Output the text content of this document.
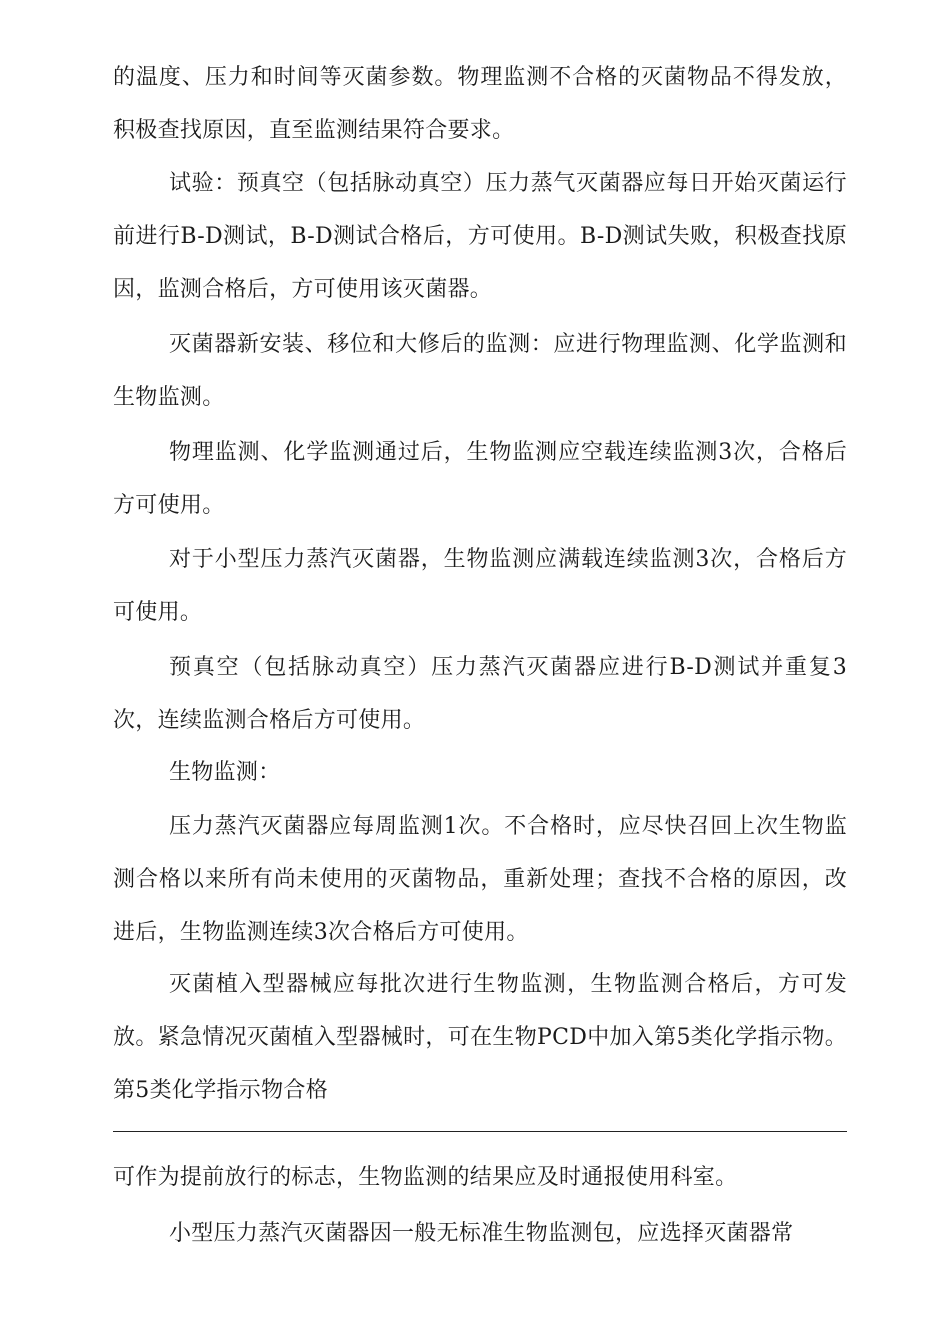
的温度、压力和时间等灭菌参数。物理监测不合格的灭菌物品不得发放，积极查找原因，直至监测结果符合要求。

试验：预真空（包括脉动真空）压力蒸气灭菌器应每日开始灭菌运行前进行B-D测试，B-D测试合格后，方可使用。B-D测试失败，积极查找原因，监测合格后，方可使用该灭菌器。

灭菌器新安装、移位和大修后的监测：应进行物理监测、化学监测和生物监测。

物理监测、化学监测通过后，生物监测应空载连续监测3次，合格后方可使用。

对于小型压力蒸汽灭菌器，生物监测应满载连续监测3次，合格后方可使用。

预真空（包括脉动真空）压力蒸汽灭菌器应进行B-D测试并重复3次，连续监测合格后方可使用。

生物监测：

压力蒸汽灭菌器应每周监测1次。不合格时，应尽快召回上次生物监测合格以来所有尚未使用的灭菌物品，重新处理；查找不合格的原因，改进后，生物监测连续3次合格后方可使用。

灭菌植入型器械应每批次进行生物监测，生物监测合格后，方可发放。紧急情况灭菌植入型器械时，可在生物PCD中加入第5类化学指示物。第5类化学指示物合格

可作为提前放行的标志，生物监测的结果应及时通报使用科室。

小型压力蒸汽灭菌器因一般无标准生物监测包，应选择灭菌器常
